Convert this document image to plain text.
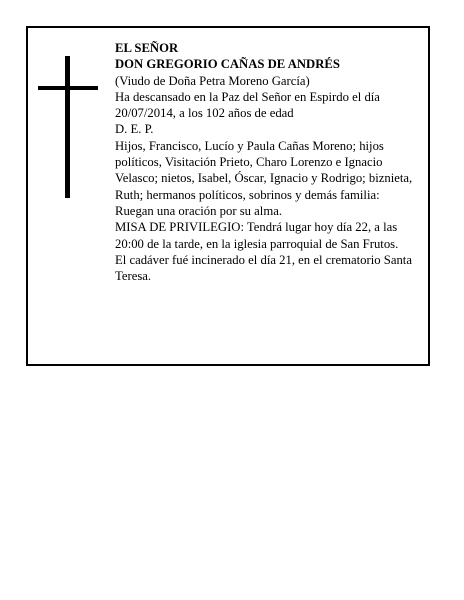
EL SEÑOR

DON GREGORIO CAÑAS DE ANDRÉS

(Viudo de Doña Petra Moreno García)

Ha descansado en la Paz del Señor en Espirdo el día 20/07/2014, a los 102 años de edad

D. E. P.

Hijos, Francisco, Lucío y Paula Cañas Moreno; hijos políticos, Visitación Prieto, Charo Lorenzo e Ignacio Velasco; nietos, Isabel, Óscar, Ignacio y Rodrigo; biznieta, Ruth; hermanos políticos, sobrinos y demás familia:

Ruegan una oración por su alma.

MISA DE PRIVILEGIO: Tendrá lugar hoy día 22, a las 20:00 de la tarde, en la iglesia parroquial de San Frutos.

El cadáver fué incinerado el día 21, en el crematorio Santa Teresa.
